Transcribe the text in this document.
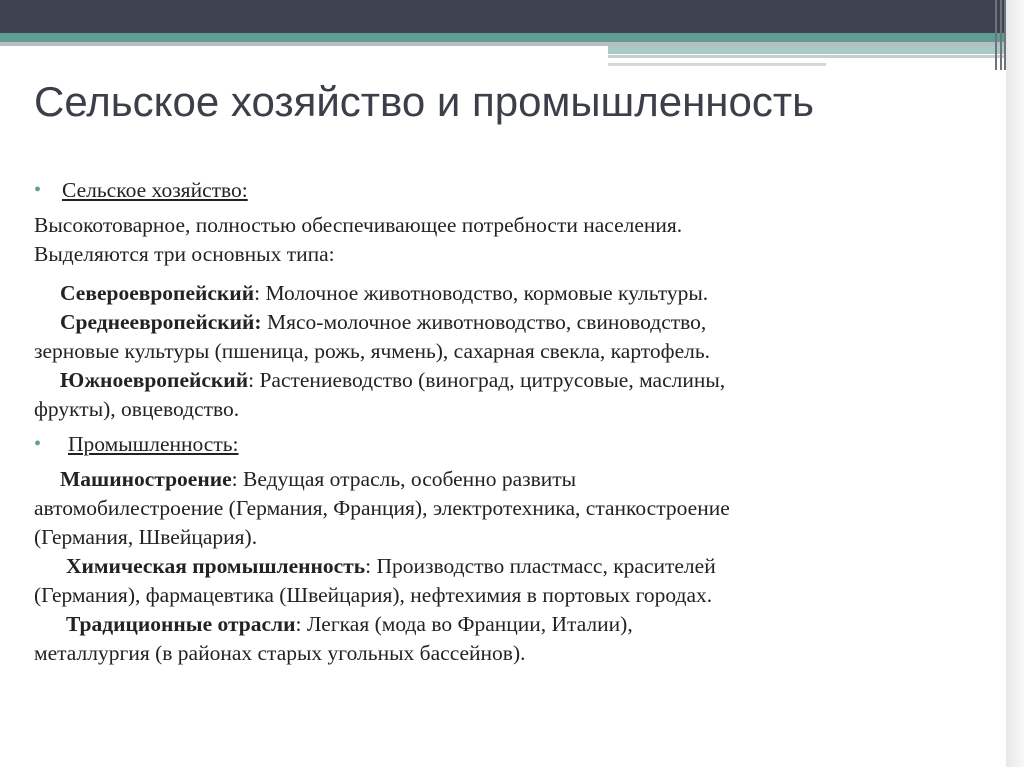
Сельское хозяйство и промышленность
• Сельское хозяйство:
Высокотоварное, полностью обеспечивающее потребности населения.
Выделяются три основных типа:
Североевропейский: Молочное животноводство, кормовые культуры.
Среднеевропейский: Мясо-молочное животноводство, свиноводство,
зерновые культуры (пшеница, рожь, ячмень), сахарная свекла, картофель.
Южноевропейский: Растениеводство (виноград, цитрусовые, маслины,
фрукты), овцеводство.
• Промышленность:
Машиностроение: Ведущая отрасль, особенно развиты
автомобилестроение (Германия, Франция), электротехника, станкостроение
(Германия, Швейцария).
Химическая промышленность: Производство пластмасс, красителей
(Германия), фармацевтика (Швейцария), нефтехимия в портовых городах.
Традиционные отрасли: Легкая (мода во Франции, Италии),
металлургия (в районах старых угольных бассейнов).
